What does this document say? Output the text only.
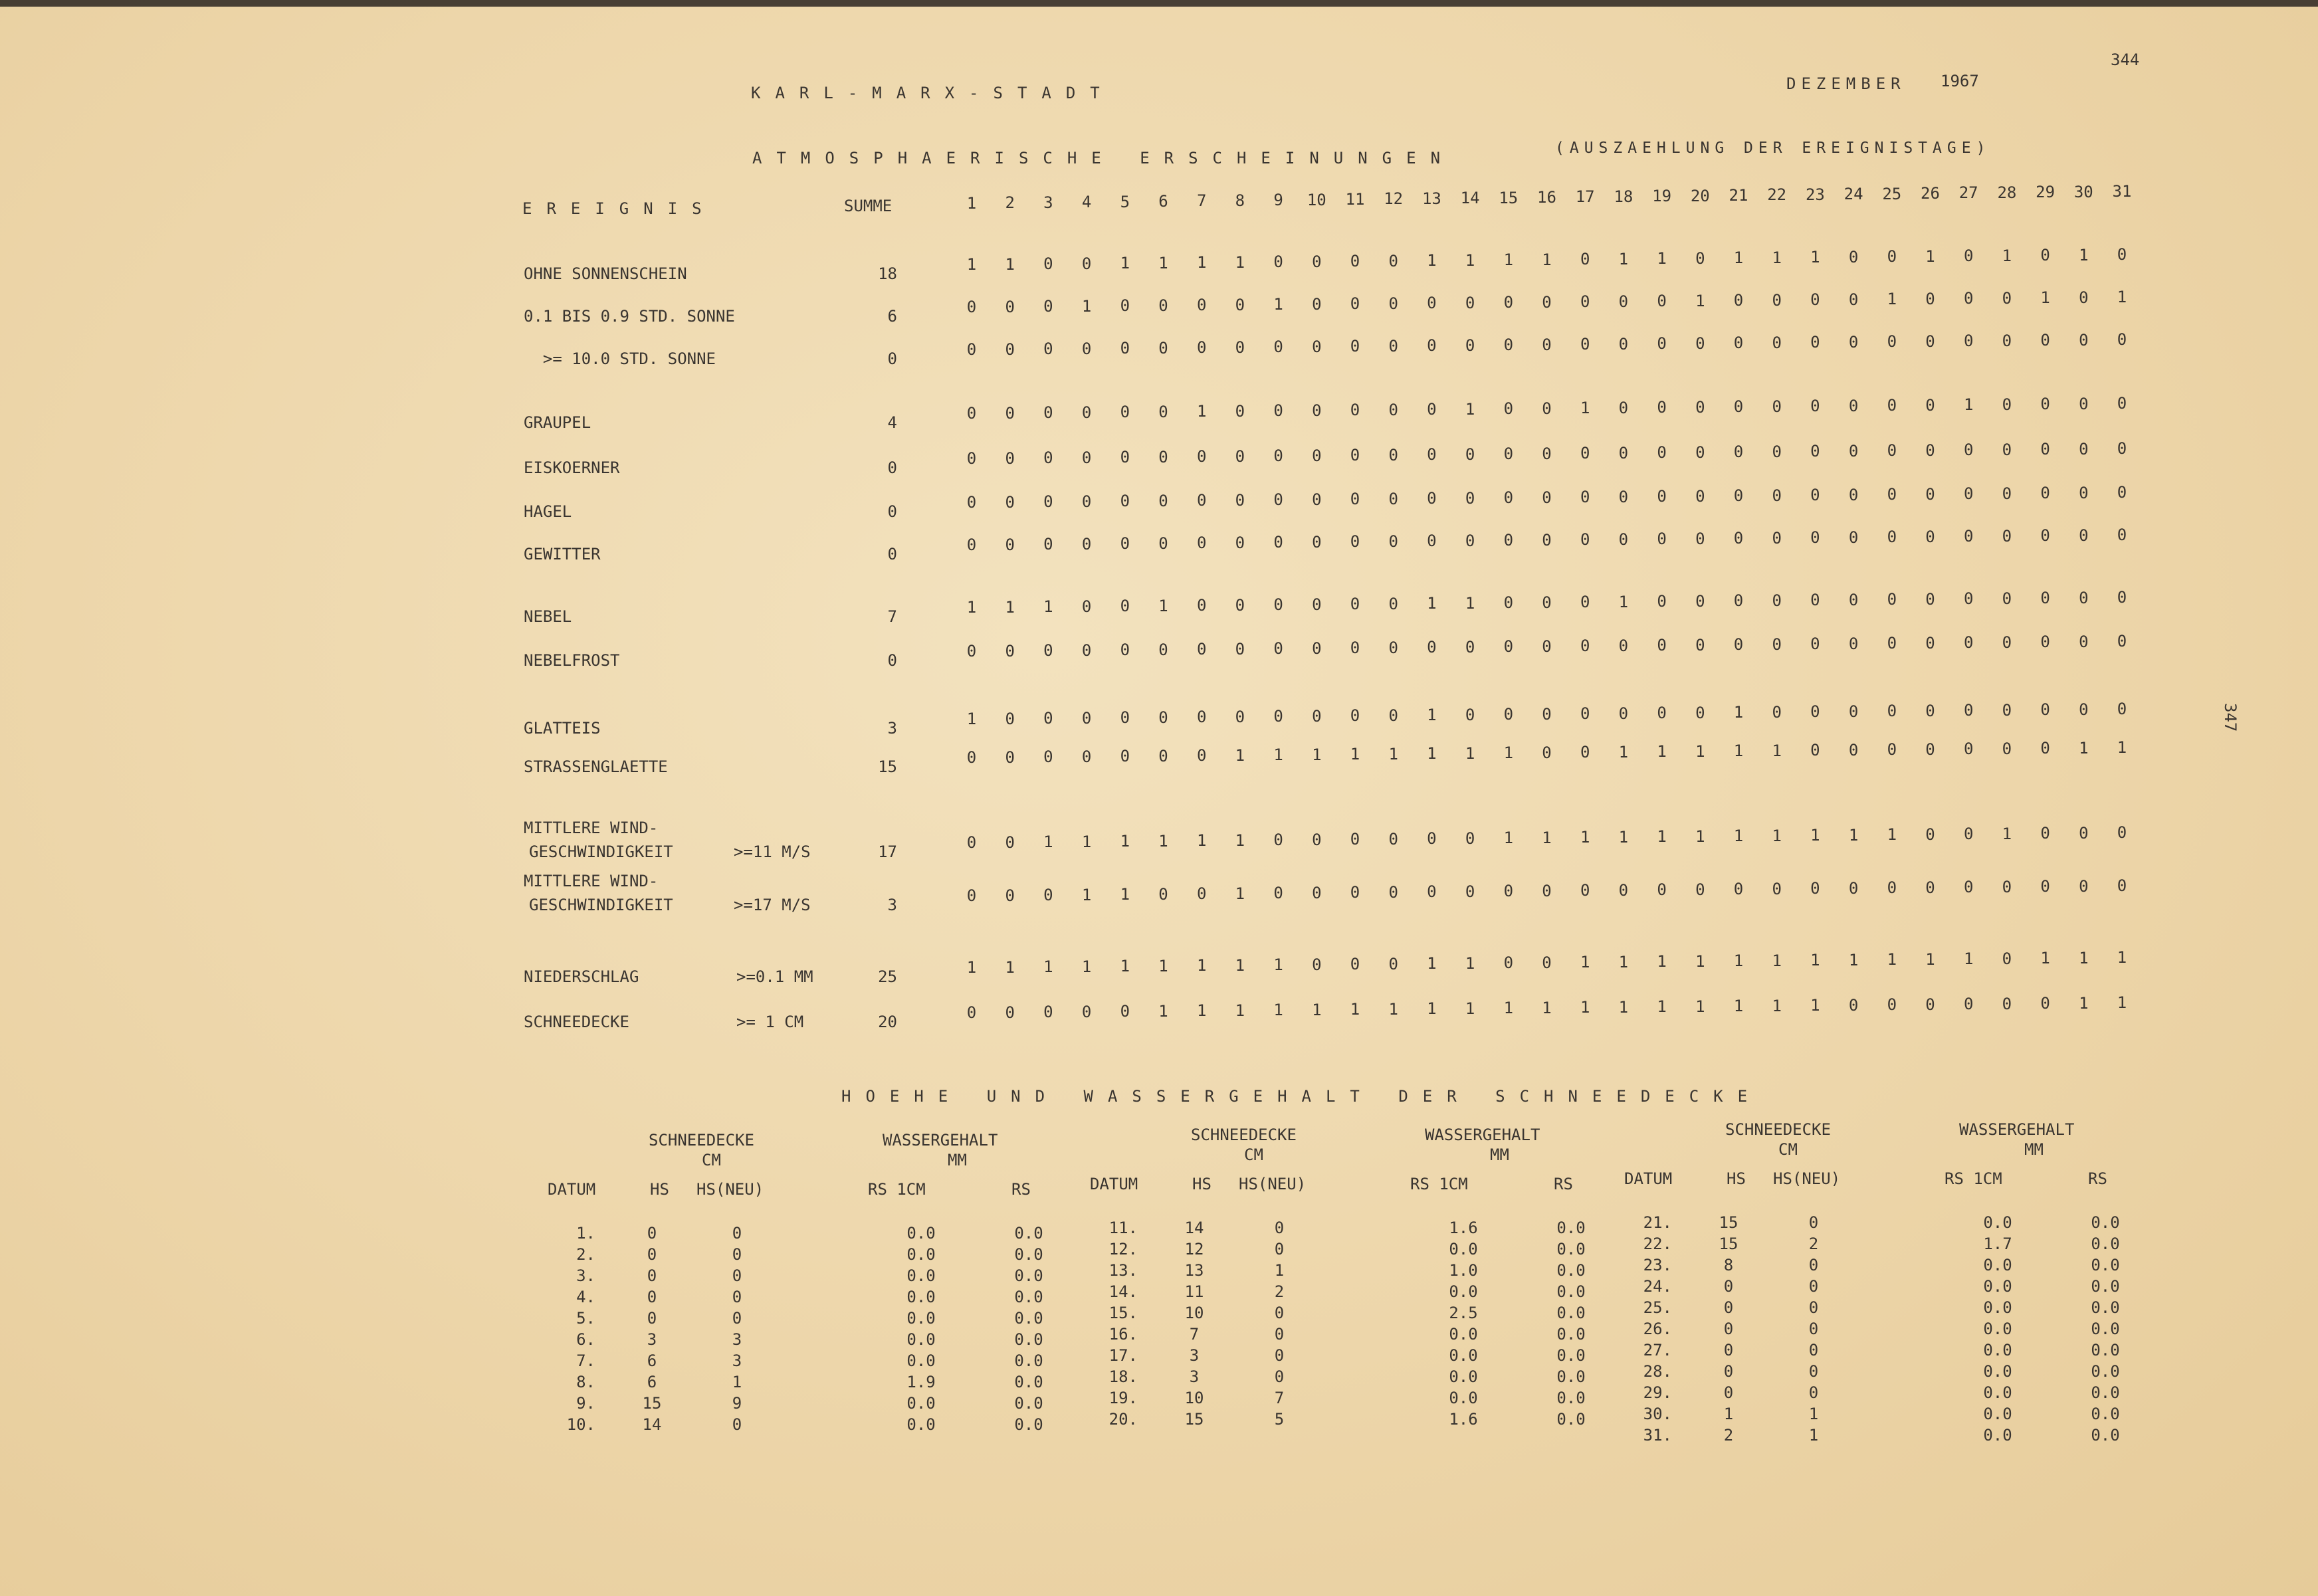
KARL-MARX-STADT	DEZEMBER 1967
344
347
ATMOSPHAERISCHE ERSCHEINUNGEN
(AUSZAEHLUNG DER EREIGNISTAGE)
EREIGNIS	SUMME	1	2	3	4	5	6	7	8	9	10	11	12	13	14	15	16	17	18	19	20	21	22	23	24	25	26	27	28	29	30	31
OHNE SONNENSCHEIN	18	1	1	0	0	1	1	1	1	0	0	0	0	1	1	1	1	0	1	1	0	1	1	1	0	0	1	0	1	0	1	0
0.1 BIS 0.9 STD. SONNE	6	0	0	0	1	0	0	0	0	1	0	0	0	0	0	0	0	0	0	0	1	0	0	0	0	1	0	0	0	1	0	1
>= 10.0 STD. SONNE	0	0	0	0	0	0	0	0	0	0	0	0	0	0	0	0	0	0	0	0	0	0	0	0	0	0	0	0	0	0	0	0
GRAUPEL	4	0	0	0	0	0	0	1	0	0	0	0	0	0	1	0	0	1	0	0	0	0	0	0	0	0	0	1	0	0	0	0
EISKOERNER	0	0	0	0	0	0	0	0	0	0	0	0	0	0	0	0	0	0	0	0	0	0	0	0	0	0	0	0	0	0	0	0
HAGEL	0	0	0	0	0	0	0	0	0	0	0	0	0	0	0	0	0	0	0	0	0	0	0	0	0	0	0	0	0	0	0	0
GEWITTER	0	0	0	0	0	0	0	0	0	0	0	0	0	0	0	0	0	0	0	0	0	0	0	0	0	0	0	0	0	0	0	0
NEBEL	7	1	1	1	0	0	1	0	0	0	0	0	0	1	1	0	0	0	1	0	0	0	0	0	0	0	0	0	0	0	0	0
NEBELFROST	0	0	0	0	0	0	0	0	0	0	0	0	0	0	0	0	0	0	0	0	0	0	0	0	0	0	0	0	0	0	0	0
GLATTEIS	3	1	0	0	0	0	0	0	0	0	0	0	0	1	0	0	0	0	0	0	0	1	0	0	0	0	0	0	0	0	0	0
STRASSENGLAETTE	15	0	0	0	0	0	0	0	1	1	1	1	1	1	1	1	0	0	1	1	1	1	1	0	0	0	0	0	0	0	1	1
MITTLERE WIND-
GESCHWINDIGKEIT	>=11 M/S	17	0	0	1	1	1	1	1	1	0	0	0	0	0	0	1	1	1	1	1	1	1	1	1	1	1	0	0	1	0	0	0
MITTLERE WIND-
GESCHWINDIGKEIT	>=17 M/S	3	0	0	0	1	1	0	0	1	0	0	0	0	0	0	0	0	0	0	0	0	0	0	0	0	0	0	0	0	0	0	0
NIEDERSCHLAG	>=0.1 MM	25	1	1	1	1	1	1	1	1	1	0	0	0	1	1	0	0	1	1	1	1	1	1	1	1	1	1	1	0	1	1	1
SCHNEEDECKE	>= 1 CM	20	0	0	0	0	0	1	1	1	1	1	1	1	1	1	1	1	1	1	1	1	1	1	1	0	0	0	0	0	0	1	1
HOEHE UND WASSERGEHALT DER SCHNEEDECKE
SCHNEEDECKE
CM
WASSERGEHALT
MM
DATUM	HS HS(NEU)	RS 1CM	RS
1.	0	0	0.0	0.0
2.	0	0	0.0	0.0
3.	0	0	0.0	0.0
4.	0	0	0.0	0.0
5.	0	0	0.0	0.0
6.	3	3	0.0	0.0
7.	6	3	0.0	0.0
8.	6	1	1.9	0.0
9.	15	9	0.0	0.0
10.	14	0	0.0	0.0
SCHNEEDECKE
CM
WASSERGEHALT
MM
DATUM	HS HS(NEU)	RS 1CM	RS
11.	14	0	1.6	0.0
12.	12	0	0.0	0.0
13.	13	1	1.0	0.0
14.	11	2	0.0	0.0
15.	10	0	2.5	0.0
16.	7	0	0.0	0.0
17.	3	0	0.0	0.0
18.	3	0	0.0	0.0
19.	10	7	0.0	0.0
20.	15	5	1.6	0.0
SCHNEEDECKE
CM
WASSERGEHALT
MM
DATUM	HS HS(NEU)	RS 1CM	RS
21.	15	0	0.0	0.0
22.	15	2	1.7	0.0
23.	8	0	0.0	0.0
24.	0	0	0.0	0.0
25.	0	0	0.0	0.0
26.	0	0	0.0	0.0
27.	0	0	0.0	0.0
28.	0	0	0.0	0.0
29.	0	0	0.0	0.0
30.	1	1	0.0	0.0
31.	2	1	0.0	0.0
